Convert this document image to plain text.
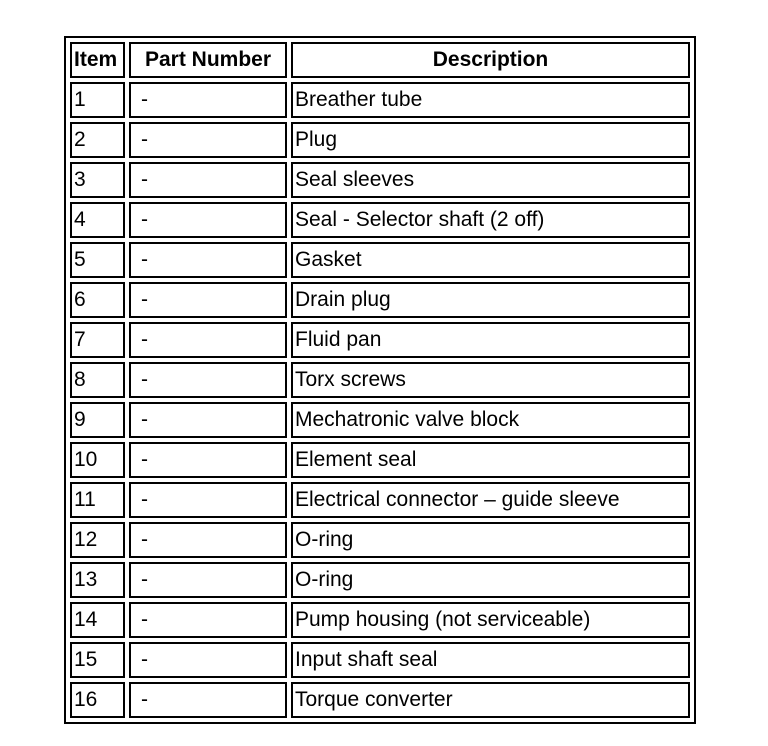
Item	Part Number	Description
1	-	Breather tube
2	-	Plug
3	-	Seal sleeves
4	-	Seal - Selector shaft (2 off)
5	-	Gasket
6	-	Drain plug
7	-	Fluid pan
8	-	Torx screws
9	-	Mechatronic valve block
10	-	Element seal
11	-	Electrical connector – guide sleeve
12	-	O-ring
13	-	O-ring
14	-	Pump housing (not serviceable)
15	-	Input shaft seal
16	-	Torque converter
